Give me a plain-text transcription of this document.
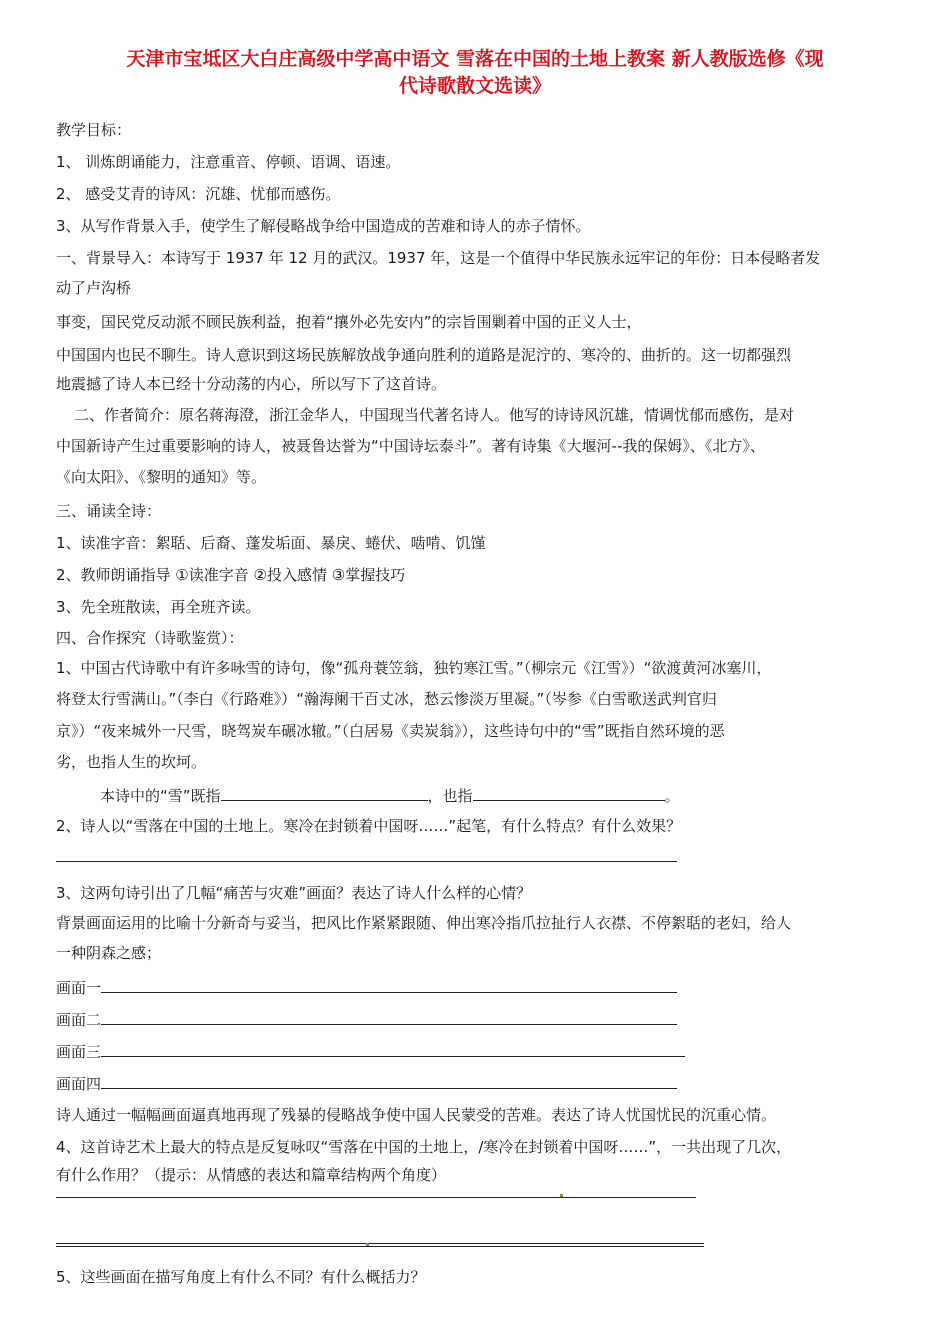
天津市宝坻区大白庄高级中学高中语文 雪落在中国的土地上教案 新人教版选修《现
代诗歌散文选读》
教学目标：
1、 训炼朗诵能力，注意重音、停顿、语调、语速。
2、 感受艾青的诗风：沉雄、忧郁而感伤。
3、从写作背景入手，使学生了解侵略战争给中国造成的苦难和诗人的赤子情怀。
一、背景导入：本诗写于 1937 年 12 月的武汉。1937 年，这是一个值得中华民族永远牢记的年份：日本侵略者发
动了卢沟桥
事变，国民党反动派不顾民族利益，抱着“攘外必先安内”的宗旨围剿着中国的正义人士，
中国国内也民不聊生。诗人意识到这场民族解放战争通向胜利的道路是泥泞的、寒冷的、曲折的。这一切都强烈
地震撼了诗人本已经十分动荡的内心，所以写下了这首诗。
二、作者简介：原名蒋海澄，浙江金华人，中国现当代著名诗人。他写的诗诗风沉雄，情调忧郁而感伤，是对
中国新诗产生过重要影响的诗人，被聂鲁达誉为“中国诗坛泰斗”。著有诗集《大堰河--我的保姆》、《北方》、
《向太阳》、《黎明的通知》等。
三、诵读全诗：
1、读准字音：絮聒、后裔、蓬发垢面、暴戾、蜷伏、啮啃、饥馑
2、教师朗诵指导 ①读准字音 ②投入感情 ③掌握技巧
3、先全班散读，再全班齐读。
四、合作探究（诗歌鉴赏）：
1、中国古代诗歌中有许多咏雪的诗句，像“孤舟蓑笠翁，独钓寒江雪。”（柳宗元《江雪》）“欲渡黄河冰塞川，
将登太行雪满山。”（李白《行路难》）“瀚海阑干百丈冰，愁云惨淡万里凝。”（岑参《白雪歌送武判官归
京》）“夜来城外一尺雪，晓驾炭车碾冰辙。”（白居易《卖炭翁》），这些诗句中的“雪”既指自然环境的恶
劣，也指人生的坎坷。
本诗中的“雪”既指	，也指	。
2、诗人以“雪落在中国的土地上。寒冷在封锁着中国呀……”起笔，有什么特点？有什么效果？
3、这两句诗引出了几幅“痛苦与灾难”画面？表达了诗人什么样的心情？
背景画面运用的比喻十分新奇与妥当，把风比作紧紧跟随、伸出寒冷指爪拉扯行人衣襟、不停絮聒的老妇，给人
一种阴森之感；
画面一
画面二
画面三
画面四
诗人通过一幅幅画面逼真地再现了残暴的侵略战争使中国人民蒙受的苦难。表达了诗人忧国忧民的沉重心情。
4、这首诗艺术上最大的特点是反复咏叹“雪落在中国的土地上，/寒冷在封锁着中国呀……”，一共出现了几次，
有什么作用？（提示：从情感的表达和篇章结构两个角度）
5、这些画面在描写角度上有什么不同？有什么概括力？
